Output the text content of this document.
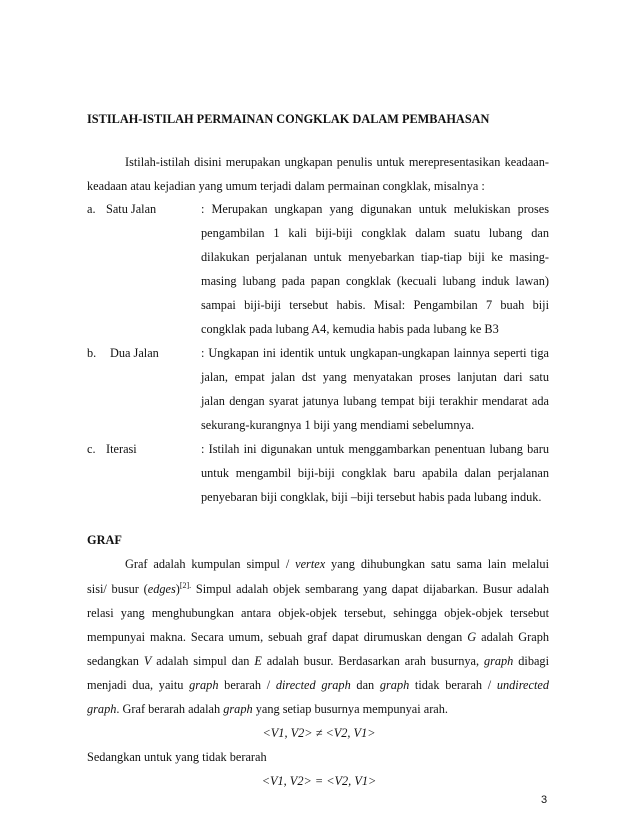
ISTILAH-ISTILAH PERMAINAN CONGKLAK DALAM PEMBAHASAN
Istilah-istilah disini merupakan ungkapan penulis untuk merepresentasikan keadaan-
keadaan atau kejadian yang umum terjadi dalam permainan congklak, misalnya :
a. Satu Jalan	: Merupakan ungkapan yang digunakan untuk melukiskan proses
pengambilan 1 kali biji-biji congklak dalam suatu lubang dan
dilakukan perjalanan untuk menyebarkan tiap-tiap biji ke masing-
masing lubang pada papan congklak (kecuali lubang induk lawan)
sampai biji-biji tersebut habis. Misal: Pengambilan 7 buah biji
congklak pada lubang A4, kemudia habis pada lubang ke B3
b. Dua Jalan	: Ungkapan ini identik untuk ungkapan-ungkapan lainnya seperti tiga
jalan, empat jalan dst yang menyatakan proses lanjutan dari satu
jalan dengan syarat jatunya lubang tempat biji terakhir mendarat ada
sekurang-kurangnya 1 biji yang mendiami sebelumnya.
c. Iterasi	: Istilah ini digunakan untuk menggambarkan penentuan lubang baru
untuk mengambil biji-biji congklak baru apabila dalan perjalanan
penyebaran biji congklak, biji –biji tersebut habis pada lubang induk.
GRAF
Graf adalah kumpulan simpul / vertex yang dihubungkan satu sama lain melalui
sisi/ busur (edges)$^{[2].}$ Simpul adalah objek sembarang yang dapat dijabarkan. Busur adalah
relasi yang menghubungkan antara objek-objek tersebut, sehingga objek-objek tersebut
mempunyai makna. Secara umum, sebuah graf dapat dirumuskan dengan G adalah Graph
sedangkan V adalah simpul dan E adalah busur. Berdasarkan arah busurnya, graph dibagi
menjadi dua, yaitu graph berarah / directed graph dan graph tidak berarah / undirected
graph. Graf berarah adalah graph yang setiap busurnya mempunyai arah.
<V1, V2> ≠ <V2, V1>
Sedangkan untuk yang tidak berarah
<V1, V2> = <V2, V1>
3
